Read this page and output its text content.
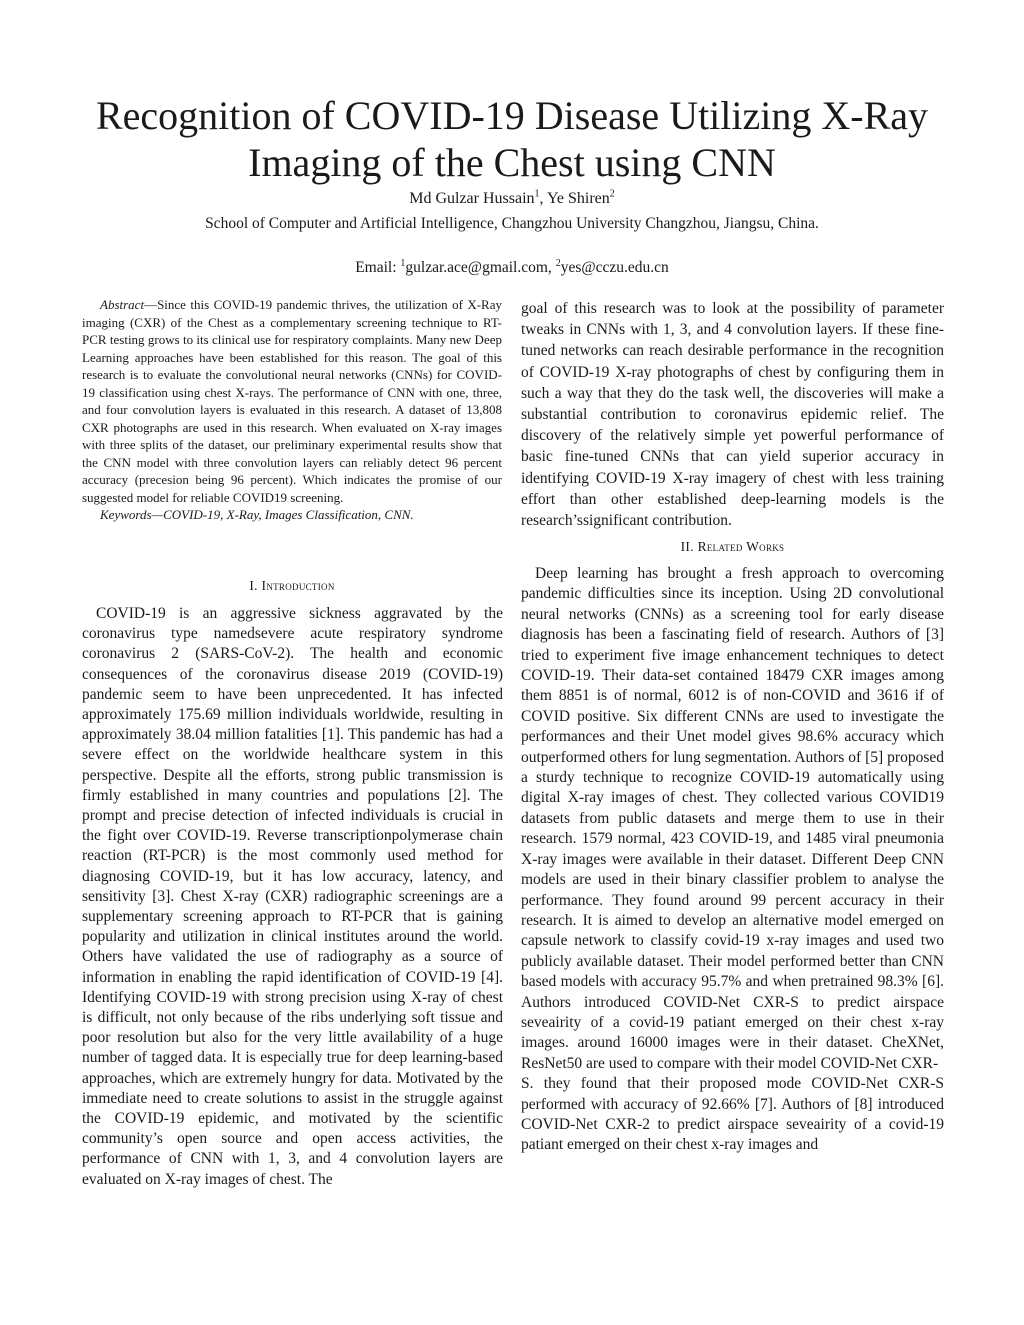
Recognition of COVID-19 Disease Utilizing X-Ray
Imaging of the Chest using CNN
Md Gulzar Hussain$^1$, Ye Shiren$^2$
School of Computer and Artificial Intelligence, Changzhou University Changzhou, Jiangsu, China.
Email: $^1$gulzar.ace@gmail.com, $^2$yes@cczu.edu.cn

Abstract—Since this COVID-19 pandemic thrives, the utilization of X-Ray imaging (CXR) of the Chest as a complementary screening technique to RT-PCR testing grows to its clinical use for respiratory complaints. Many new Deep Learning approaches have been established for this reason. The goal of this research is to evaluate the convolutional neural networks (CNNs) for COVID-19 classification using chest X-rays. The performance of CNN with one, three, and four convolution layers is evaluated in this research. A dataset of 13,808 CXR photographs are used in this research. When evaluated on X-ray images with three splits of the dataset, our preliminary experimental results show that the CNN model with three convolution layers can reliably detect 96 percent accuracy (precesion being 96 percent). Which indicates the promise of our suggested model for reliable COVID19 screening.

Keywords—COVID-19, X-Ray, Images Classification, CNN.

I. Introduction

COVID-19 is an aggressive sickness aggravated by the coronavirus type namedsevere acute respiratory syndrome coronavirus 2 (SARS-CoV-2). The health and economic consequences of the coronavirus disease 2019 (COVID-19) pandemic seem to have been unprecedented. It has infected approximately 175.69 million individuals worldwide, resulting in approximately 38.04 million fatalities [1]. This pandemic has had a severe effect on the worldwide healthcare system in this perspective. Despite all the efforts, strong public transmission is firmly established in many countries and populations [2]. The prompt and precise detection of infected individuals is crucial in the fight over COVID-19. Reverse transcriptionpolymerase chain reaction (RT-PCR) is the most commonly used method for diagnosing COVID-19, but it has low accuracy, latency, and sensitivity [3]. Chest X-ray (CXR) radiographic screenings are a supplementary screening approach to RT-PCR that is gaining popularity and utilization in clinical institutes around the world. Others have validated the use of radiography as a source of information in enabling the rapid identification of COVID-19 [4]. Identifying COVID-19 with strong precision using X-ray of chest is difficult, not only because of the ribs underlying soft tissue and poor resolution but also for the very little availability of a huge number of tagged data. It is especially true for deep learning-based approaches, which are extremely hungry for data. Motivated by the immediate need to create solutions to assist in the struggle against the COVID-19 epidemic, and motivated by the scientific community’s open source and open access activities, the performance of CNN with 1, 3, and 4 convolution layers are evaluated on X-ray images of chest. The

goal of this research was to look at the possibility of parameter tweaks in CNNs with 1, 3, and 4 convolution layers. If these fine-tuned networks can reach desirable performance in the recognition of COVID-19 X-ray photographs of chest by configuring them in such a way that they do the task well, the discoveries will make a substantial contribution to coronavirus epidemic relief. The discovery of the relatively simple yet powerful performance of basic fine-tuned CNNs that can yield superior accuracy in identifying COVID-19 X-ray imagery of chest with less training effort than other established deep-learning models is the research’ssignificant contribution.

II. Related Works

Deep learning has brought a fresh approach to overcoming pandemic difficulties since its inception. Using 2D convolutional neural networks (CNNs) as a screening tool for early disease diagnosis has been a fascinating field of research. Authors of [3] tried to experiment five image enhancement techniques to detect COVID-19. Their data-set contained 18479 CXR images among them 8851 is of normal, 6012 is of non-COVID and 3616 if of COVID positive. Six different CNNs are used to investigate the performances and their Unet model gives 98.6% accuracy which outperformed others for lung segmentation. Authors of [5] proposed a sturdy technique to recognize COVID-19 automatically using digital X-ray images of chest. They collected various COVID19 datasets from public datasets and merge them to use in their research. 1579 normal, 423 COVID-19, and 1485 viral pneumonia X-ray images were available in their dataset. Different Deep CNN models are used in their binary classifier problem to analyse the performance. They found around 99 percent accuracy in their research. It is aimed to develop an alternative model emerged on capsule network to classify covid-19 x-ray images and used two publicly available dataset. Their model performed better than CNN based models with accuracy 95.7% and when pretrained 98.3% [6]. Authors introduced COVID-Net CXR-S to predict airspace seveairity of a covid-19 patiant emerged on their chest x-ray images. around 16000 images were in their dataset. CheXNet, ResNet50 are used to compare with their model COVID-Net CXR-

S. they found that their proposed mode COVID-Net CXR-S performed with accuracy of 92.66% [7]. Authors of [8] introduced COVID-Net CXR-2 to predict airspace seveairity of a covid-19 patiant emerged on their chest x-ray images and
